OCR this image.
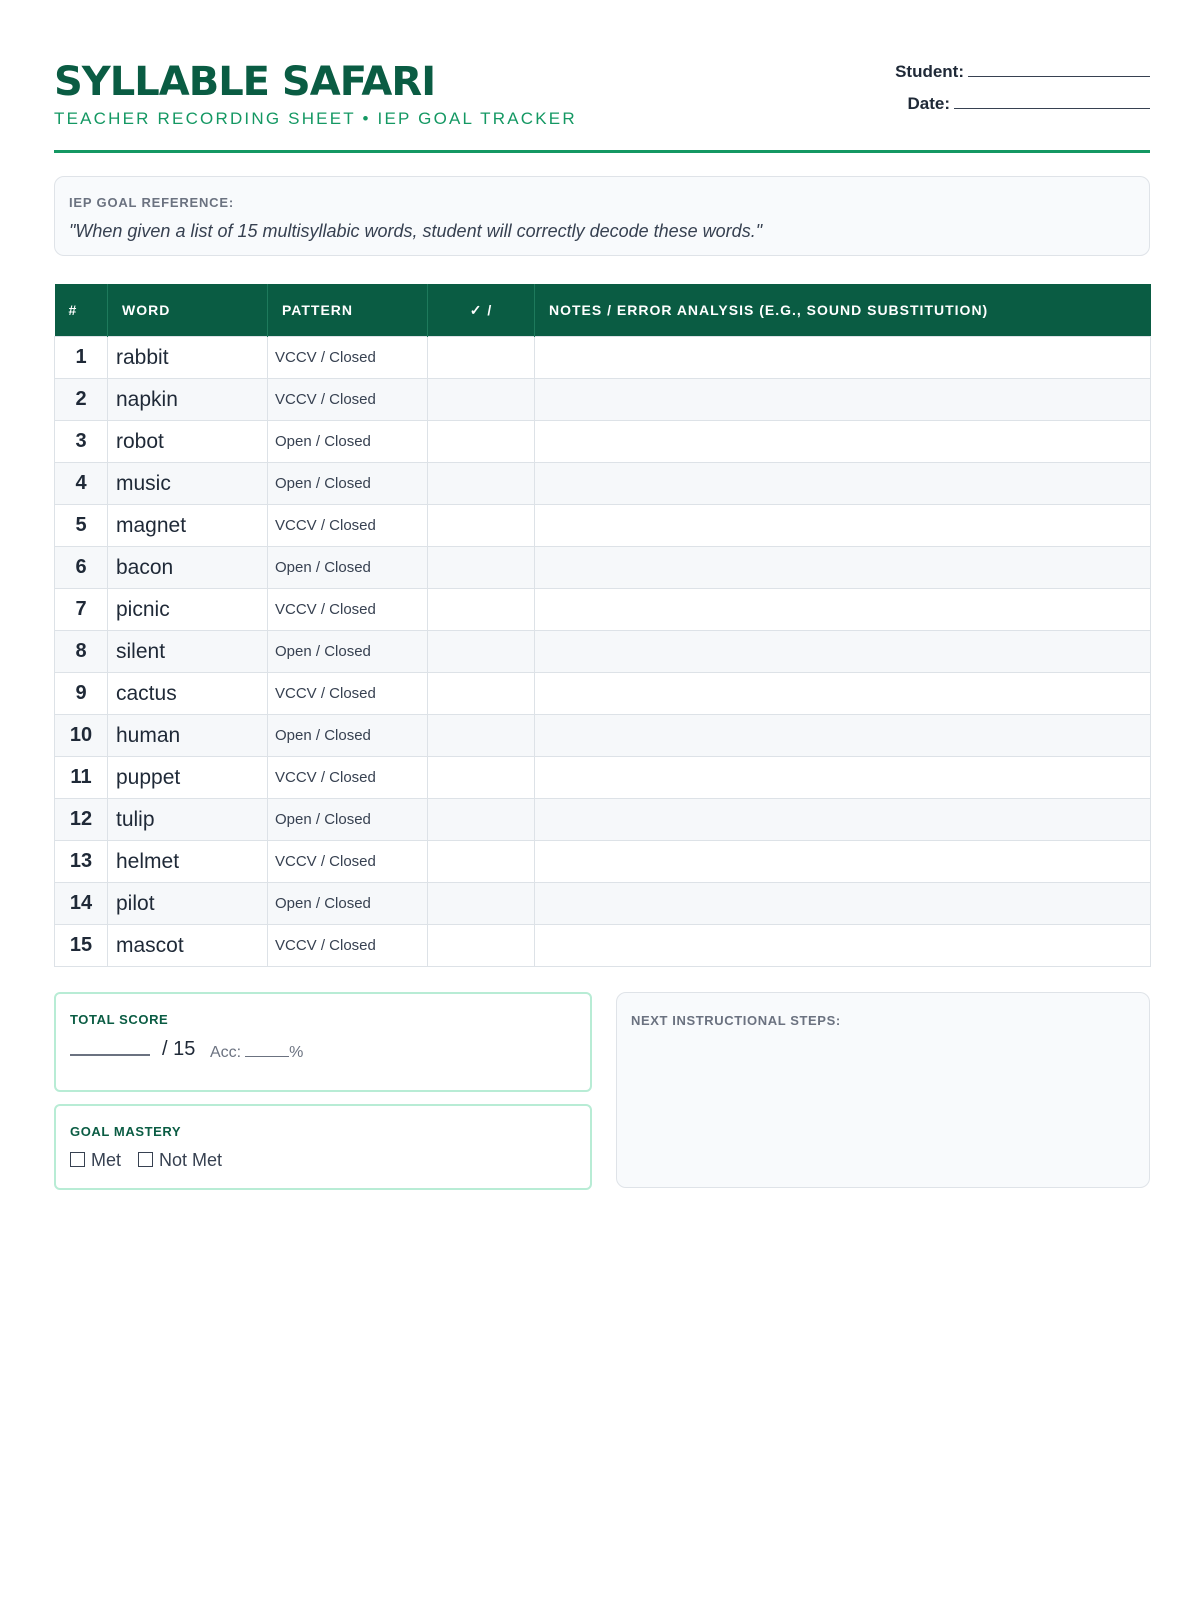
SYLLABLE SAFARI
TEACHER RECORDING SHEET • IEP GOAL TRACKER
Student:
Date:
IEP GOAL REFERENCE:
"When given a list of 15 multisyllabic words, student will correctly decode these words."
#	WORD	PATTERN	✓ /	NOTES / ERROR ANALYSIS (E.G., SOUND SUBSTITUTION)
1	rabbit	VCCV / Closed		
2	napkin	VCCV / Closed		
3	robot	Open / Closed		
4	music	Open / Closed		
5	magnet	VCCV / Closed		
6	bacon	Open / Closed		
7	picnic	VCCV / Closed		
8	silent	Open / Closed		
9	cactus	VCCV / Closed		
10	human	Open / Closed		
11	puppet	VCCV / Closed		
12	tulip	Open / Closed		
13	helmet	VCCV / Closed		
14	pilot	Open / Closed		
15	mascot	VCCV / Closed		
TOTAL SCORE
/ 15 Acc:	%
GOAL MASTERY
Met Not Met
NEXT INSTRUCTIONAL STEPS:
